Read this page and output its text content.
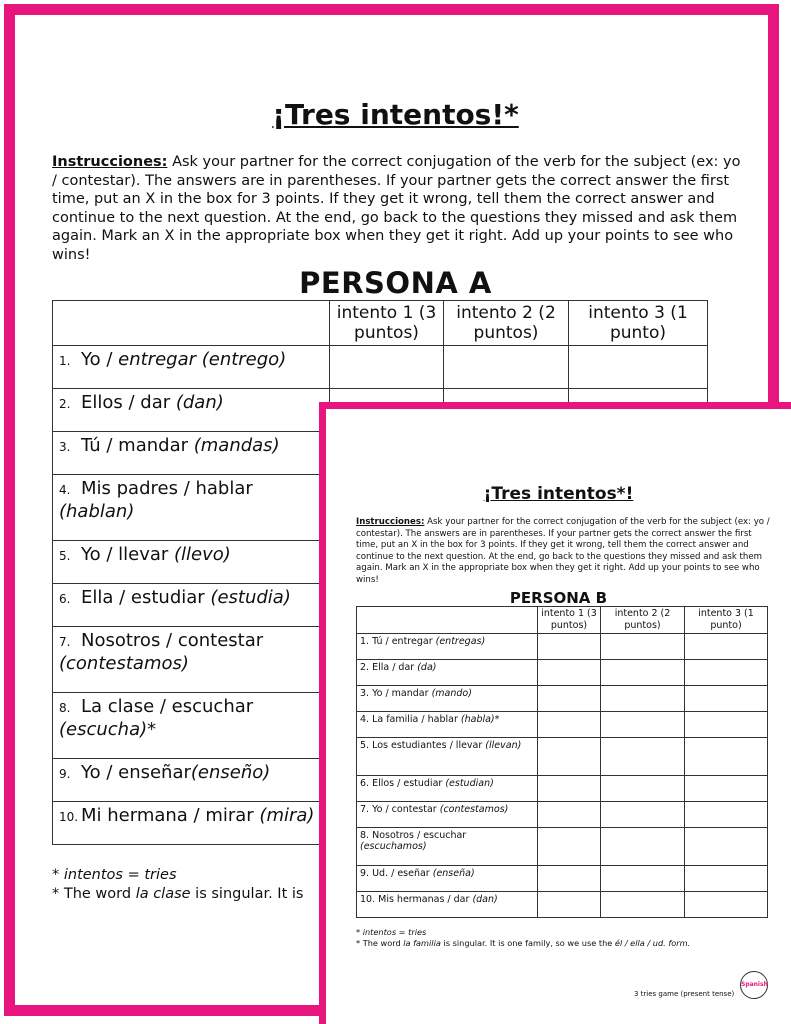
¡Tres intentos!*
Instrucciones: Ask your partner for the correct conjugation of the verb for the subject (ex: yo / contestar). The answers are in parentheses. If your partner gets the correct answer the first time, put an X in the box for 3 points. If they get it wrong, tell them the correct answer and continue to the next question. At the end, go back to the questions they missed and ask them again. Mark an X in the appropriate box when they get it right. Add up your points to see who wins!
PERSONA A
	intento 1 (3 puntos)	intento 2 (2 puntos)	intento 3 (1 punto)
1. Yo / entregar (entrego)			
2. Ellos / dar (dan)			
3. Tú / mandar (mandas)			
4. Mis padres / hablar (hablan)			
5. Yo / llevar (llevo)			
6. Ella / estudiar (estudia)			
7. Nosotros / contestar (contestamos)			
8. La clase / escuchar (escucha)*			
9. Yo / enseñar(enseño)			
10. Mi hermana / mirar (mira)			
* intentos = tries
* The word la clase is singular. It is
¡Tres intentos*!
Instrucciones: Ask your partner for the correct conjugation of the verb for the subject (ex: yo / contestar). The answers are in parentheses. If your partner gets the correct answer the first time, put an X in the box for 3 points. If they get it wrong, tell them the correct answer and continue to the next question. At the end, go back to the questions they missed and ask them again. Mark an X in the appropriate box when they get it right. Add up your points to see who wins!
PERSONA B
	intento 1 (3 puntos)	intento 2 (2 puntos)	intento 3 (1 punto)
1. Tú / entregar (entregas)			
2. Ella / dar (da)			
3. Yo / mandar (mando)			
4. La familia / hablar (habla)*			
5. Los estudiantes / llevar (llevan)			
6. Ellos / estudiar (estudian)			
7. Yo / contestar (contestamos)			
8. Nosotros / escuchar (escuchamos)			
9. Ud. / eseñar (enseña)			
10. Mis hermanas / dar (dan)			
* intentos = tries
* The word la familia is singular. It is one family, so we use the él / ella / ud. form.
3 tries game (present tense)
Spanish
